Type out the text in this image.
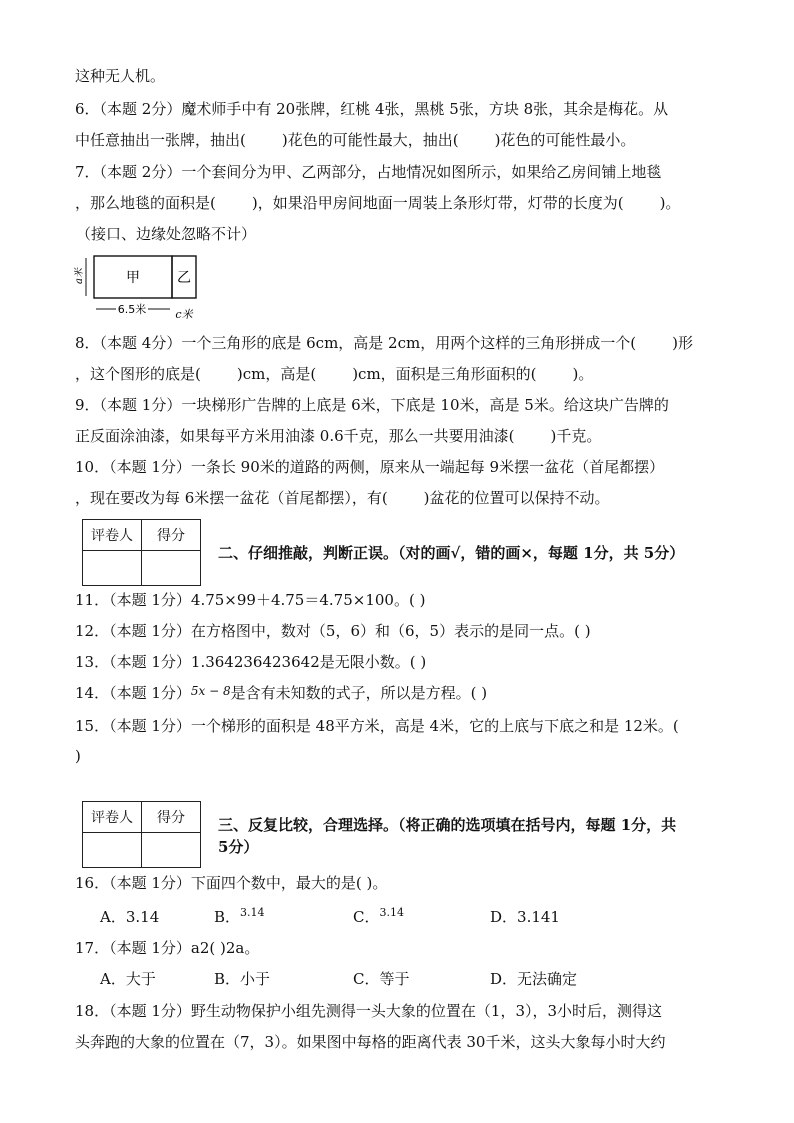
这种无人机。
6．（本题 2分）魔术师手中有 20张牌，红桃 4张，黑桃 5张，方块 8张，其余是梅花。从
中任意抽出一张牌，抽出( )花色的可能性最大，抽出( )花色的可能性最小。
7．（本题 2分）一个套间分为甲、乙两部分，占地情况如图所示，如果给乙房间铺上地毯
，那么地毯的面积是( )，如果沿甲房间地面一周装上条形灯带，灯带的长度为( )。
（接口、边缘处忽略不计）
甲	乙
a米
6.5米	c米
8．（本题 4分）一个三角形的底是 6cm，高是 2cm，用两个这样的三角形拼成一个( )形
，这个图形的底是( )cm，高是( )cm，面积是三角形面积的( )。
9．（本题 1分）一块梯形广告牌的上底是 6米，下底是 10米，高是 5米。给这块广告牌的
正反面涂油漆，如果每平方米用油漆 0.6千克，那么一共要用油漆( )千克。
10．（本题 1分）一条长 90米的道路的两侧，原来从一端起每 9米摆一盆花（首尾都摆）
，现在要改为每 6米摆一盆花（首尾都摆），有( )盆花的位置可以保持不动。
评卷人	得分

二、仔细推敲，判断正误。（对的画√，错的画×，每题 1分，共 5分）
11．（本题 1分）4.75×99＋4.75＝4.75×100。( )
12．（本题 1分）在方格图中，数对（5，6）和（6，5）表示的是同一点。( )
13．（本题 1分）1.364236423642是无限小数。( )
14．（本题 1分）$^{5x - 8}$是含有未知数的式子，所以是方程。( )
15．（本题 1分）一个梯形的面积是 48平方米，高是 4米，它的上底与下底之和是 12米。(
)
评卷人	得分
	三、反复比较，合理选择。（将正确的选项填在括号内，每题 1分，共
5分）
16．（本题 1分）下面四个数中，最大的是( )。
A．3.14	B．$^{3.14}$	C．$^{3.14}$	D．3.141
17．（本题 1分）a2( )2a。
A．大于	B．小于	C．等于	D．无法确定
18．（本题 1分）野生动物保护小组先测得一头大象的位置在（1，3），3小时后，测得这
头奔跑的大象的位置在（7，3）。如果图中每格的距离代表 30千米，这头大象每小时大约
